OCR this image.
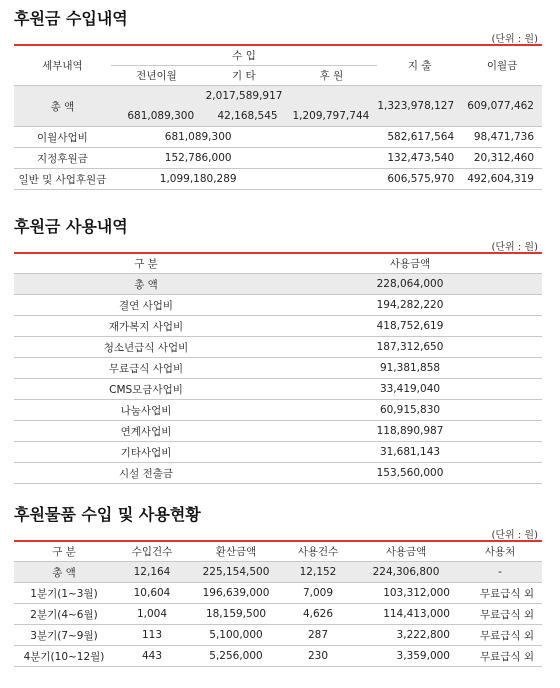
후원금 수입내역
(단위 : 원)
세부내역	수 입			지 출	이월금
	전년이월	기 타	후 원		
총 액	2,017,589,917			1,323,978,127	609,077,462
	681,089,300	42,168,545	1,209,797,744		
이월사업비	681,089,300			582,617,564	98,471,736
지정후원금	152,786,000			132,473,540	20,312,460
일반 및 사업후원금	1,099,180,289			606,575,970	492,604,319
후원금 사용내역
(단위 : 원)
구 분	사용금액
총 액	228,064,000
결연 사업비	194,282,220
재가복지 사업비	418,752,619
청소년급식 사업비	187,312,650
무료급식 사업비	91,381,858
CMS모금사업비	33,419,040
나눔사업비	60,915,830
연계사업비	118,890,987
기타사업비	31,681,143
시설 전출금	153,560,000
후원물품 수입 및 사용현황
(단위 : 원)
구 분	수입건수	환산금액	사용건수	사용금액	사용처
총 액	12,164	225,154,500	12,152	224,306,800	-
1분기(1~3월)	10,604	196,639,000	7,009	103,312,000	무료급식 외
2분기(4~6월)	1,004	18,159,500	4,626	114,413,000	무료급식 외
3분기(7~9월)	113	5,100,000	287	3,222,800	무료급식 외
4분기(10~12월)	443	5,256,000	230	3,359,000	무료급식 외
